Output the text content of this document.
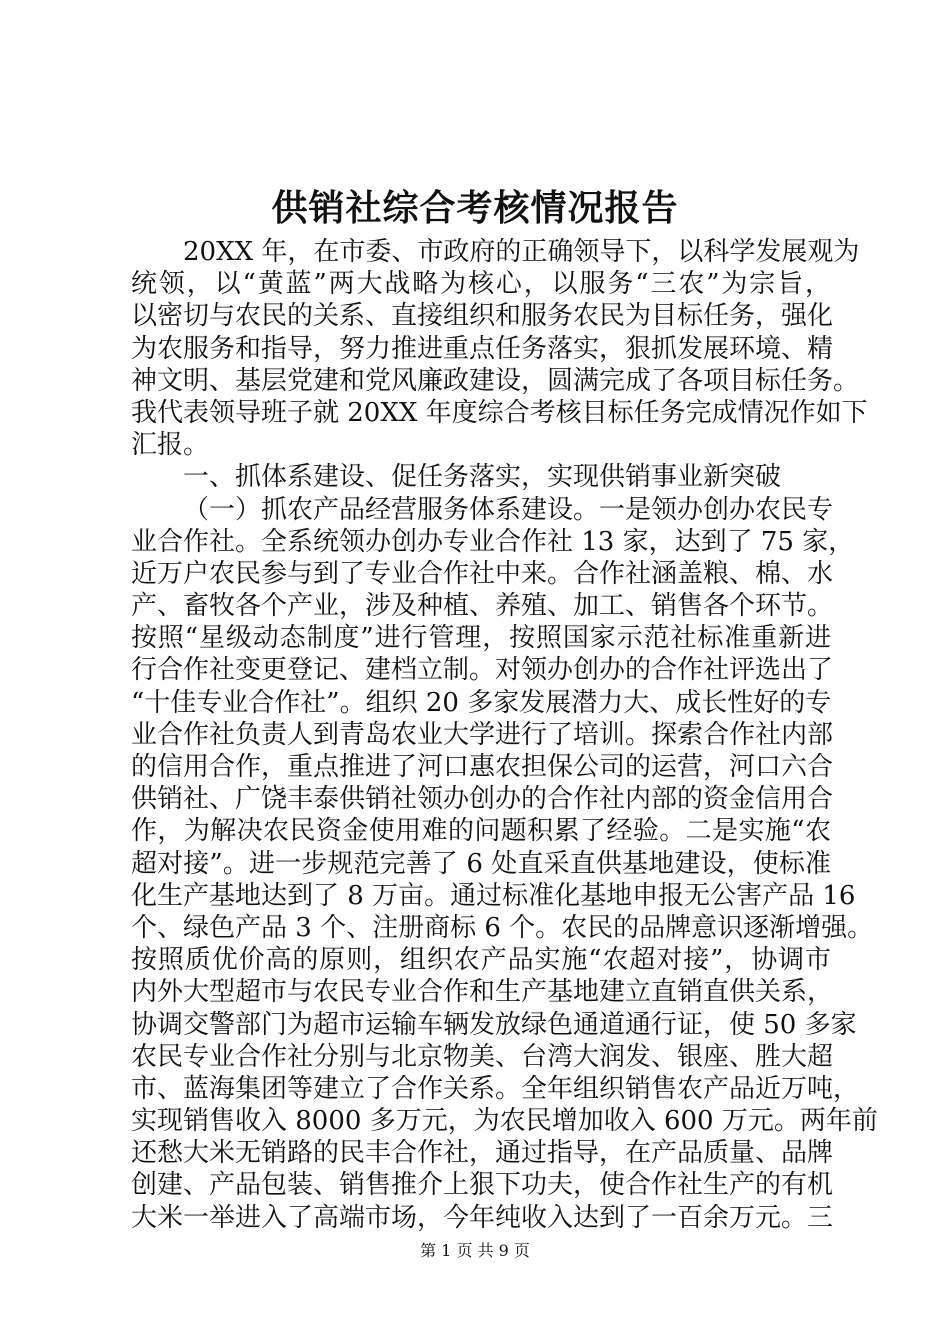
供销社综合考核情况报告
20XX 年，在市委、市政府的正确领导下，以科学发展观为
统领，以“黄蓝”两大战略为核心，以服务“三农”为宗旨，
以密切与农民的关系、直接组织和服务农民为目标任务，强化
为农服务和指导，努力推进重点任务落实，狠抓发展环境、精
神文明、基层党建和党风廉政建设，圆满完成了各项目标任务。
我代表领导班子就 20XX 年度综合考核目标任务完成情况作如下
汇报。
一、抓体系建设、促任务落实，实现供销事业新突破
（一）抓农产品经营服务体系建设。一是领办创办农民专
业合作社。全系统领办创办专业合作社 13 家，达到了 75 家，
近万户农民参与到了专业合作社中来。合作社涵盖粮、棉、水
产、畜牧各个产业，涉及种植、养殖、加工、销售各个环节。
按照“星级动态制度”进行管理，按照国家示范社标准重新进
行合作社变更登记、建档立制。对领办创办的合作社评选出了
“十佳专业合作社”。组织 20 多家发展潜力大、成长性好的专
业合作社负责人到青岛农业大学进行了培训。探索合作社内部
的信用合作，重点推进了河口惠农担保公司的运营，河口六合
供销社、广饶丰泰供销社领办创办的合作社内部的资金信用合
作，为解决农民资金使用难的问题积累了经验。二是实施“农
超对接”。进一步规范完善了 6 处直采直供基地建设，使标准
化生产基地达到了 8 万亩。通过标准化基地申报无公害产品 16
个、绿色产品 3 个、注册商标 6 个。农民的品牌意识逐渐增强。
按照质优价高的原则，组织农产品实施“农超对接”，协调市
内外大型超市与农民专业合作和生产基地建立直销直供关系，
协调交警部门为超市运输车辆发放绿色通道通行证，使 50 多家
农民专业合作社分别与北京物美、台湾大润发、银座、胜大超
市、蓝海集团等建立了合作关系。全年组织销售农产品近万吨，
实现销售收入 8000 多万元，为农民增加收入 600 万元。两年前
还愁大米无销路的民丰合作社，通过指导，在产品质量、品牌
创建、产品包装、销售推介上狠下功夫，使合作社生产的有机
大米一举进入了高端市场，今年纯收入达到了一百余万元。三
第 1 页 共 9 页
